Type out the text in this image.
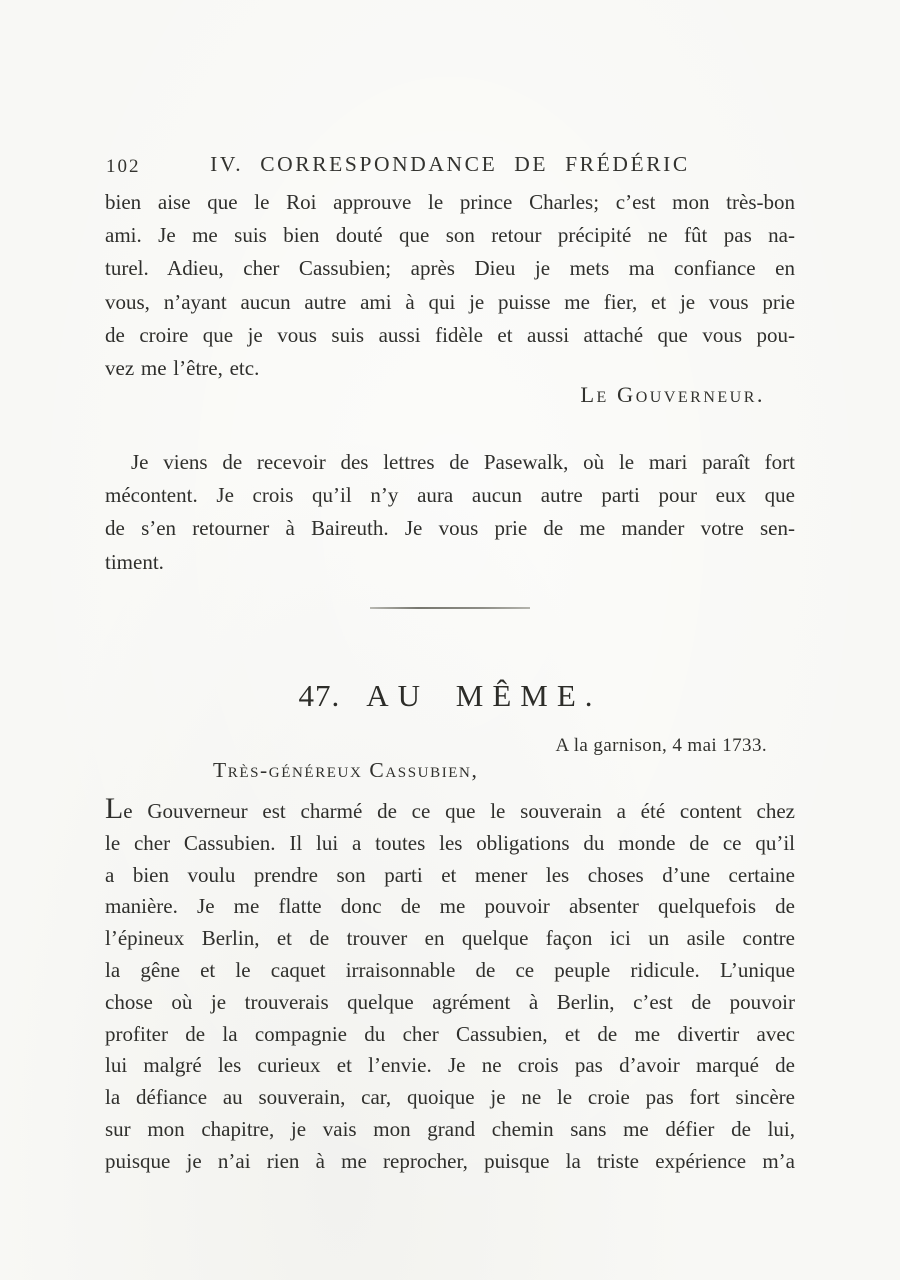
102	IV. CORRESPONDANCE DE FRÉDÉRIC
bien aise que le Roi approuve le prince Charles; c’est mon très-bon
ami. Je me suis bien douté que son retour précipité ne fût pas na-
turel. Adieu, cher Cassubien; après Dieu je mets ma confiance en
vous, n’ayant aucun autre ami à qui je puisse me fier, et je vous prie
de croire que je vous suis aussi fidèle et aussi attaché que vous pou-
vez me l’être, etc.
Le Gouverneur.
Je viens de recevoir des lettres de Pasewalk, où le mari paraît fort
mécontent. Je crois qu’il n’y aura aucun autre parti pour eux que
de s’en retourner à Baireuth. Je vous prie de me mander votre sen-
timent.
47. AU MÊME.
A la garnison, 4 mai 1733.
Très-généreux Cassubien,
Le Gouverneur est charmé de ce que le souverain a été content chez
le cher Cassubien. Il lui a toutes les obligations du monde de ce qu’il
a bien voulu prendre son parti et mener les choses d’une certaine
manière. Je me flatte donc de me pouvoir absenter quelquefois de
l’épineux Berlin, et de trouver en quelque façon ici un asile contre
la gêne et le caquet irraisonnable de ce peuple ridicule. L’unique
chose où je trouverais quelque agrément à Berlin, c’est de pouvoir
profiter de la compagnie du cher Cassubien, et de me divertir avec
lui malgré les curieux et l’envie. Je ne crois pas d’avoir marqué de
la défiance au souverain, car, quoique je ne le croie pas fort sincère
sur mon chapitre, je vais mon grand chemin sans me défier de lui,
puisque je n’ai rien à me reprocher, puisque la triste expérience m’a
